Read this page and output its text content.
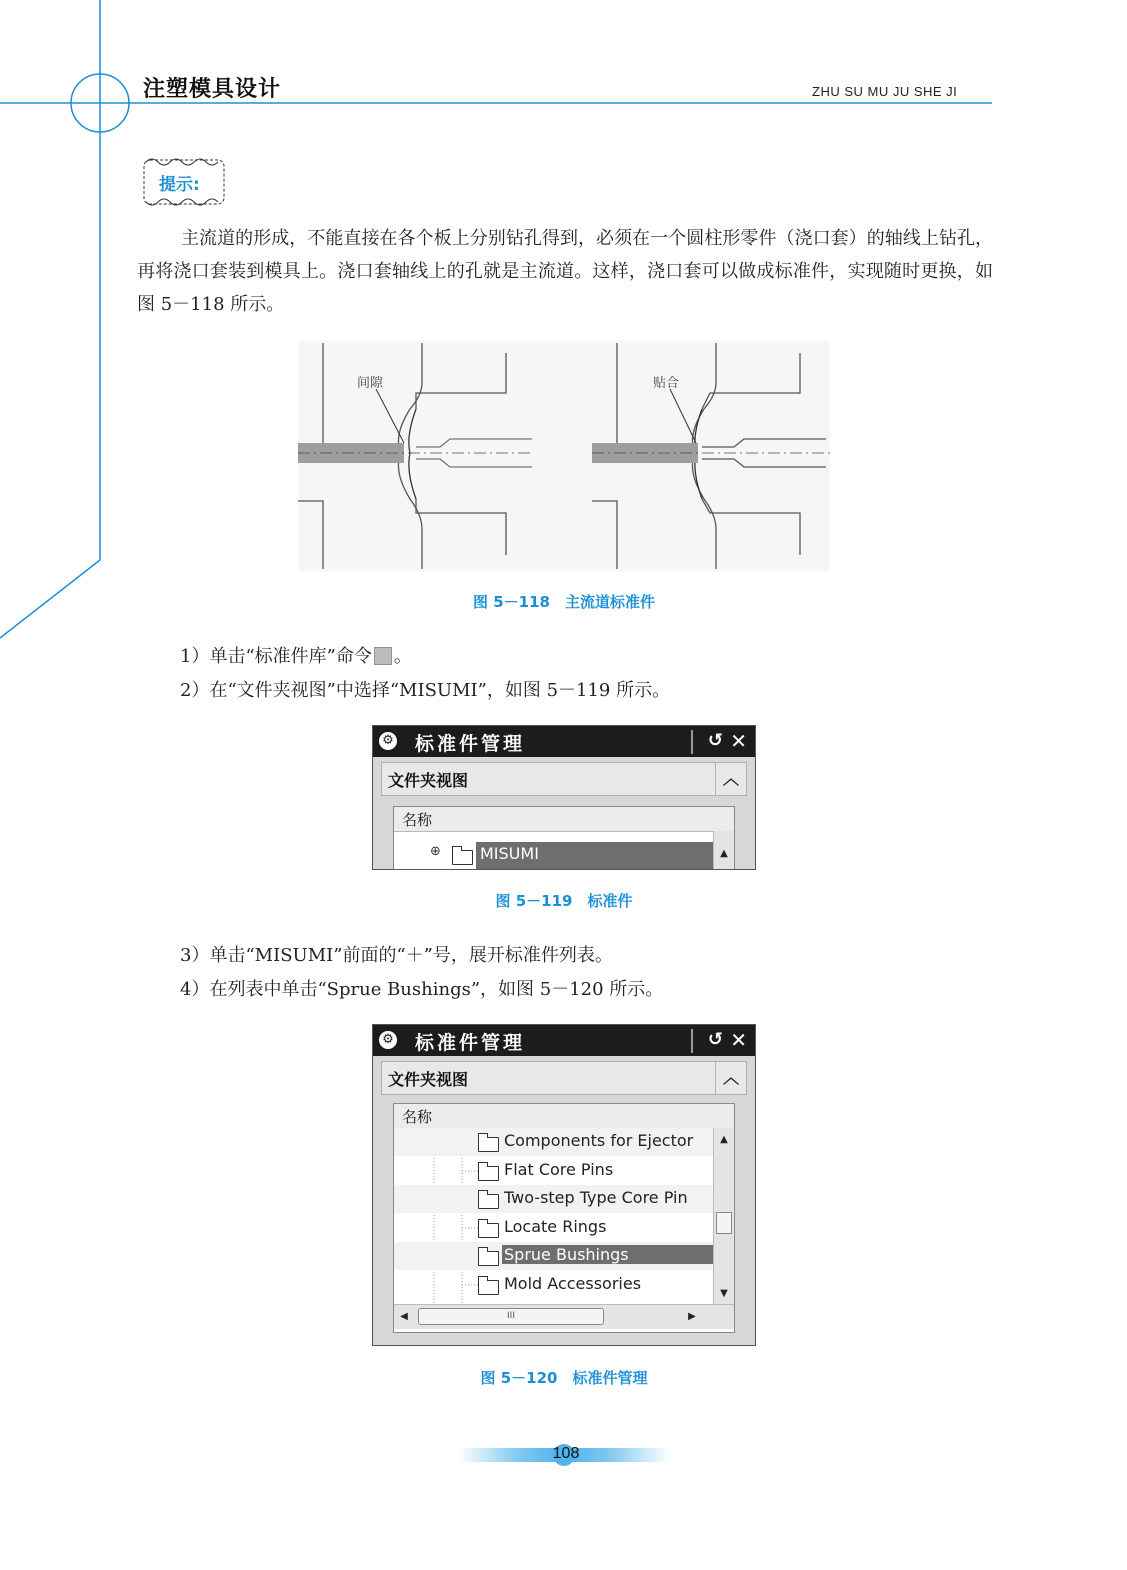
注塑模具设计	ZHU SU MU JU SHE JI
提示:
主流道的形成，不能直接在各个板上分别钻孔得到，必须在一个圆柱形零件（浇口套）的轴线上钻孔，再将浇口套装到模具上。浇口套轴线上的孔就是主流道。这样，浇口套可以做成标准件，实现随时更换，如图 5－118 所示。
间隙	贴合
图 5－118　主流道标准件
1）单击“标准件库”命令 。
2）在“文件夹视图”中选择“MISUMI”，如图 5－119 所示。
⚙ 标准件管理	↺ ✕
文件夹视图	︿
名称
⊕ MISUMI	▲
图 5－119　标准件
3）单击“MISUMI”前面的“＋”号，展开标准件列表。
4）在列表中单击“Sprue Bushings”，如图 5－120 所示。
⚙ 标准件管理	↺ ✕
文件夹视图	︿
名称
Components for Ejector
Flat Core Pins
Two-step Type Core Pin
Locate Rings
Sprue Bushings
Mold Accessories
▲
▼
◀	III	▶
图 5－120　标准件管理
108
